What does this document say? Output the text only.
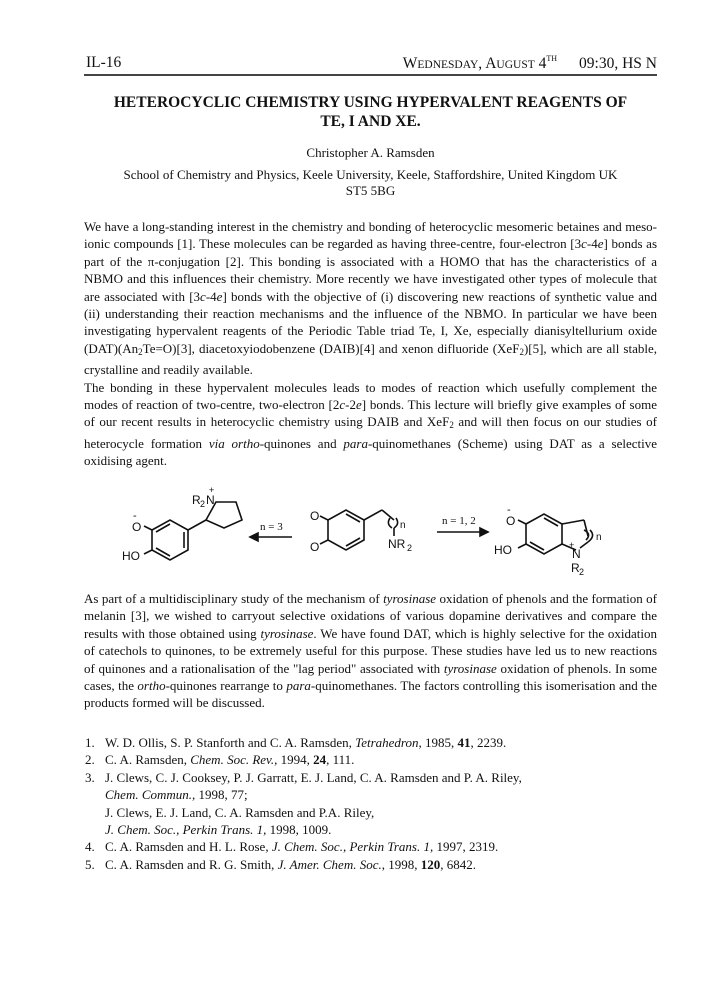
IL-16	WEDNESDAY, AUGUST 4TH 09:30, HS N
HETEROCYCLIC CHEMISTRY USING HYPERVALENT REAGENTS OF
TE, I AND XE.
Christopher A. Ramsden
School of Chemistry and Physics, Keele University, Keele, Staffordshire, United Kingdom UK
ST5 5BG

We have a long-standing interest in the chemistry and bonding of heterocyclic mesomeric betaines and meso-ionic compounds [1]. These molecules can be regarded as having three-centre, four-electron [3c-4e] bonds as part of the π-conjugation [2]. This bonding is associated with a HOMO that has the characteristics of a NBMO and this influences their chemistry. More recently we have investigated other types of molecule that are associated with [3c-4e] bonds with the objective of (i) discovering new reactions of synthetic value and (ii) understanding their reaction mechanisms and the influence of the NBMO. In particular we have been investigating hypervalent reagents of the Periodic Table triad Te, I, Xe, especially dianisyltellurium oxide $(DAT)(An_2Te=O)[3]$, diacetoxyiodobenzene (DAIB)[4] and xenon difluoride (XeF$_2$)[5], which are all stable, crystalline and readily available.

The bonding in these hypervalent molecules leads to modes of reaction which usefully complement the modes of reaction of two-centre, two-electron [2c-2e] bonds. This lecture will briefly give examples of some of our recent results in heterocyclic chemistry using DAIB and XeF$_2$ and will then focus on our studies of heterocycle formation via ortho-quinones and para-quinomethanes (Scheme) using DAT as a selective oxidising agent.

O
-
HO
R 2 N
+
n = 3
O
O
n
NR 2
n = 1, 2	O
-
HO	N
+
R 2
n

As part of a multidisciplinary study of the mechanism of tyrosinase oxidation of phenols and the formation of melanin [3], we wished to carryout selective oxidations of various dopamine derivatives and compare the results with those obtained using tyrosinase. We have found DAT, which is highly selective for the oxidation of catechols to quinones, to be extremely useful for this purpose. These studies have led us to new reactions of quinones and a rationalisation of the "lag period" associated with tyrosinase oxidation of phenols. In some cases, the ortho-quinones rearrange to para-quinomethanes. The factors controlling this isomerisation and the products formed will be discussed.

1. W. D. Ollis, S. P. Stanforth and C. A. Ramsden, Tetrahedron, 1985, 41, 2239.
2. C. A. Ramsden, Chem. Soc. Rev., 1994, 24, 111.
3. J. Clews, C. J. Cooksey, P. J. Garratt, E. J. Land, C. A. Ramsden and P. A. Riley,
Chem. Commun., 1998, 77;
J. Clews, E. J. Land, C. A. Ramsden and P.A. Riley,
J. Chem. Soc., Perkin Trans. 1, 1998, 1009.
4. C. A. Ramsden and H. L. Rose, J. Chem. Soc., Perkin Trans. 1, 1997, 2319.
5. C. A. Ramsden and R. G. Smith, J. Amer. Chem. Soc., 1998, 120, 6842.
